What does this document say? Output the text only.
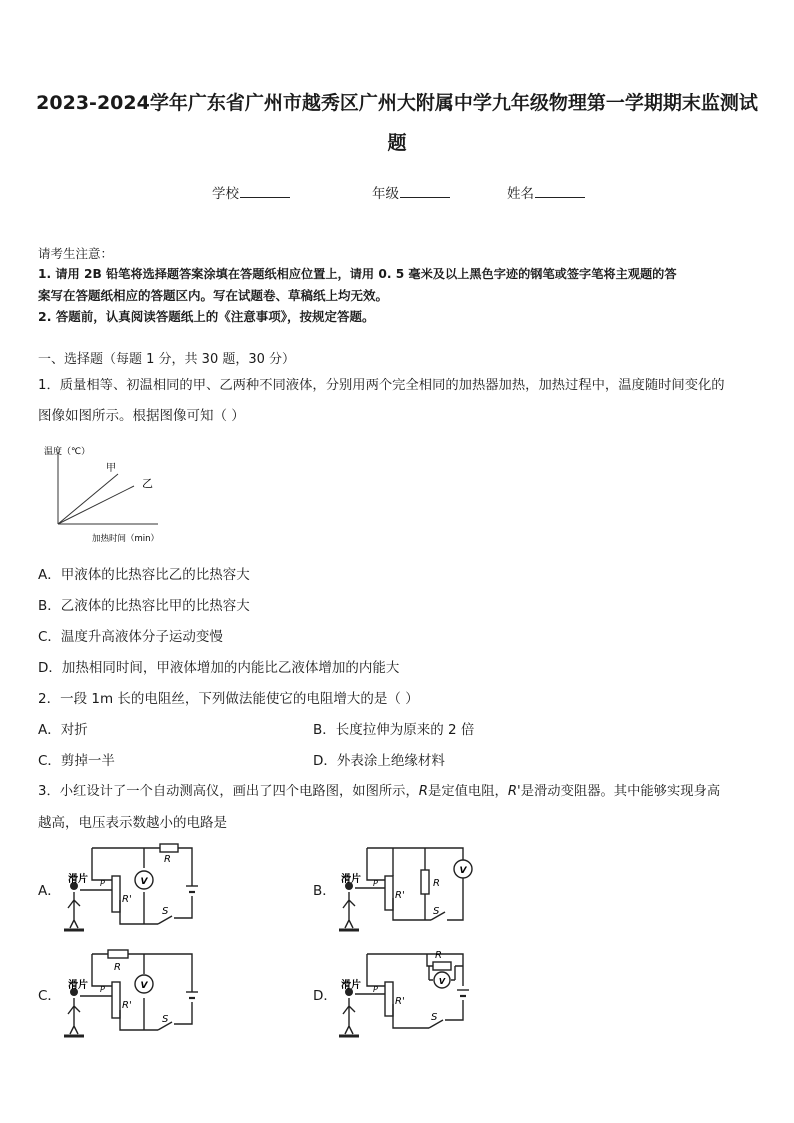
2023-2024学年广东省广州市越秀区广州大附属中学九年级物理第一学期期末监测试
题
学校	年级	姓名
请考生注意：
1. 请用 2B 铅笔将选择题答案涂填在答题纸相应位置上，请用 0. 5 毫米及以上黑色字迹的钢笔或签字笔将主观题的答
案写在答题纸相应的答题区内。写在试题卷、草稿纸上均无效。
2. 答题前，认真阅读答题纸上的《注意事项》，按规定答题。
一、选择题（每题 1 分，共 30 题，30 分）
1．质量相等、初温相同的甲、乙两种不同液体，分别用两个完全相同的加热器加热，加热过程中，温度随时间变化的
图像如图所示。根据图像可知（ ）
温度（℃）
甲
乙
加热时间（min）
A．甲液体的比热容比乙的比热容大
B．乙液体的比热容比甲的比热容大
C．温度升高液体分子运动变慢
D．加热相同时间，甲液体增加的内能比乙液体增加的内能大
2．一段 1m 长的电阻丝，下列做法能使它的电阻增大的是（ ）
A．对折	B．长度拉伸为原来的 2 倍
C．剪掉一半	D．外表涂上绝缘材料
3．小红设计了一个自动测高仪，画出了四个电路图，如图所示，R是定值电阻，R'是滑动变阻器。其中能够实现身高
越高，电压表示数越小的电路是
A．	B．
C．	D．
V
R
R'
S
滑片 P
V
R
R'
S
滑片 P
V
R
R'
S
滑片 P
V
R
R'
S
滑片 P
